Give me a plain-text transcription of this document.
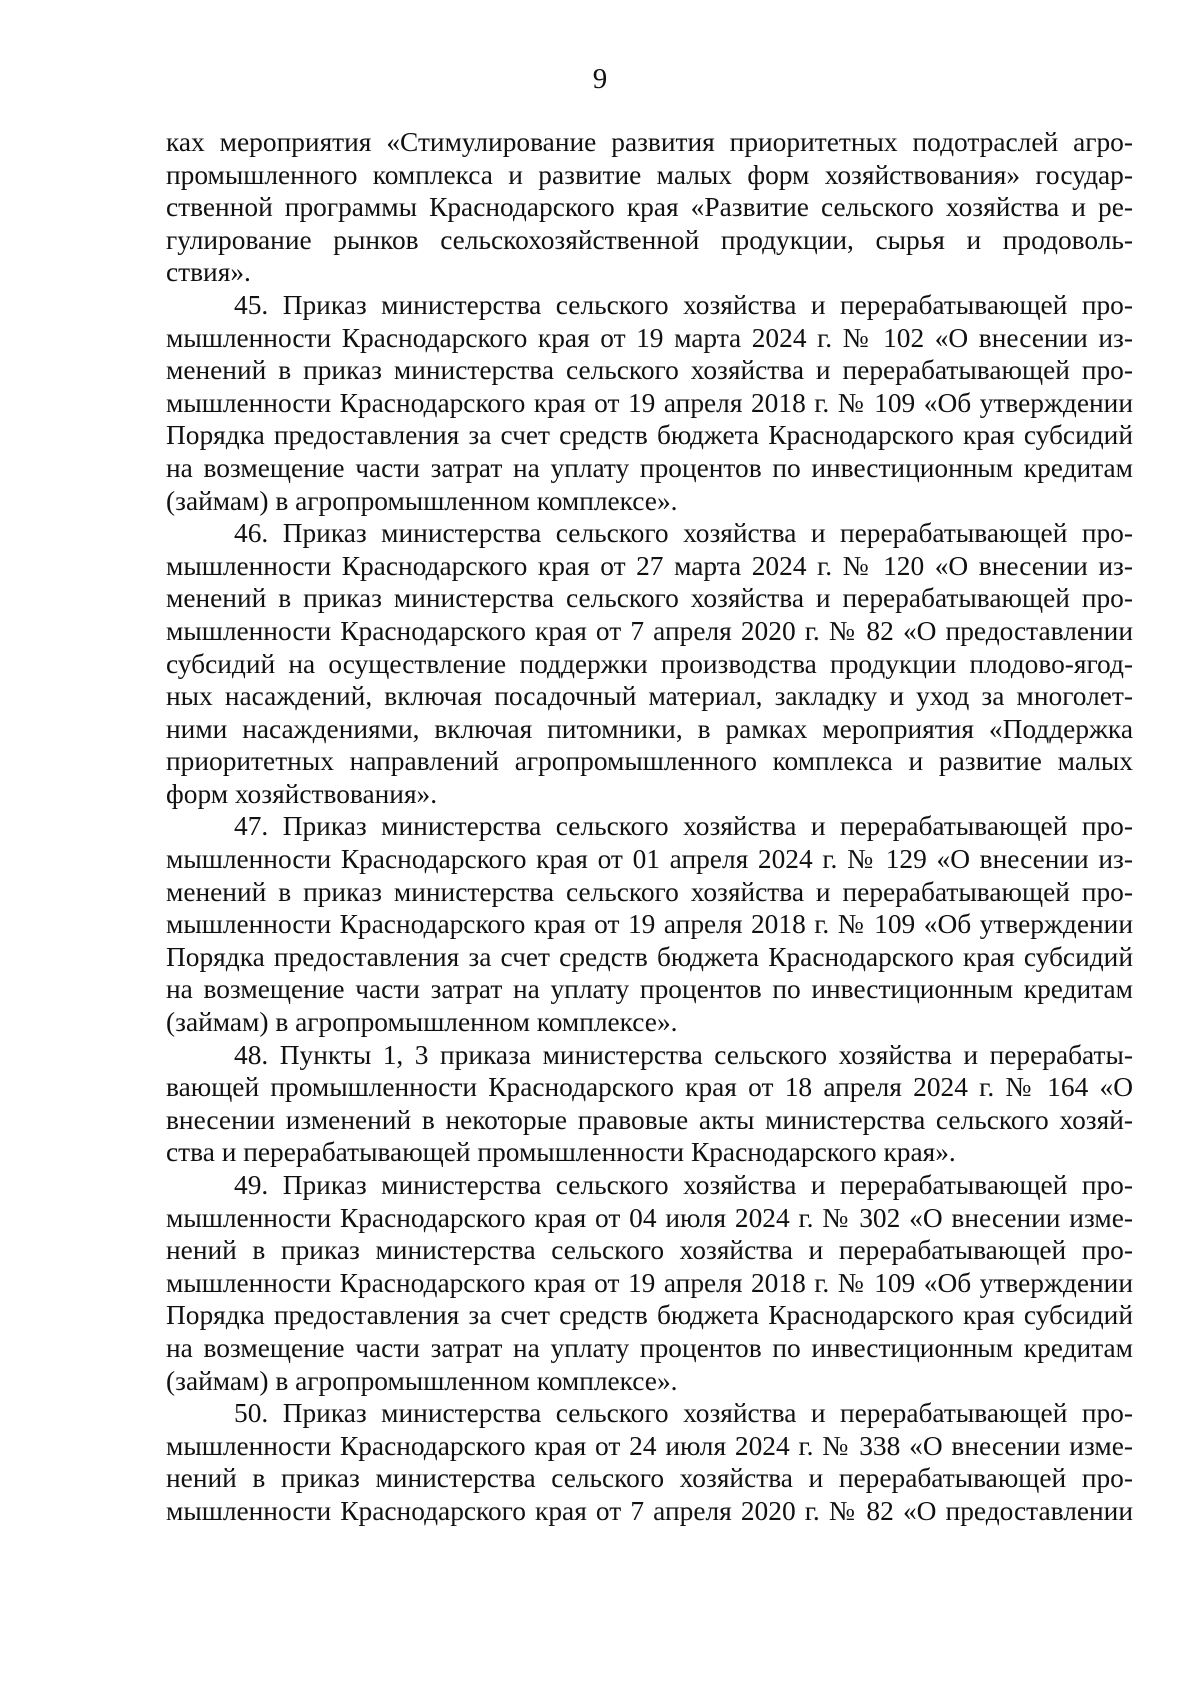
9
ках мероприятия «Стимулирование развития приоритетных подотраслей агро-
промышленного комплекса и развитие малых форм хозяйствования» государ-
ственной программы Краснодарского края «Развитие сельского хозяйства и ре-
гулирование рынков сельскохозяйственной продукции, сырья и продоволь-
ствия».
45. Приказ министерства сельского хозяйства и перерабатывающей про-
мышленности Краснодарского края от 19 марта 2024 г. № 102 «О внесении из-
менений в приказ министерства сельского хозяйства и перерабатывающей про-
мышленности Краснодарского края от 19 апреля 2018 г. № 109 «Об утверждении
Порядка предоставления за счет средств бюджета Краснодарского края субсидий
на возмещение части затрат на уплату процентов по инвестиционным кредитам
(займам) в агропромышленном комплексе».
46. Приказ министерства сельского хозяйства и перерабатывающей про-
мышленности Краснодарского края от 27 марта 2024 г. № 120 «О внесении из-
менений в приказ министерства сельского хозяйства и перерабатывающей про-
мышленности Краснодарского края от 7 апреля 2020 г. № 82 «О предоставлении
субсидий на осуществление поддержки производства продукции плодово-ягод-
ных насаждений, включая посадочный материал, закладку и уход за многолет-
ними насаждениями, включая питомники, в рамках мероприятия «Поддержка
приоритетных направлений агропромышленного комплекса и развитие малых
форм хозяйствования».
47. Приказ министерства сельского хозяйства и перерабатывающей про-
мышленности Краснодарского края от 01 апреля 2024 г. № 129 «О внесении из-
менений в приказ министерства сельского хозяйства и перерабатывающей про-
мышленности Краснодарского края от 19 апреля 2018 г. № 109 «Об утверждении
Порядка предоставления за счет средств бюджета Краснодарского края субсидий
на возмещение части затрат на уплату процентов по инвестиционным кредитам
(займам) в агропромышленном комплексе».
48. Пункты 1, 3 приказа министерства сельского хозяйства и перерабаты-
вающей промышленности Краснодарского края от 18 апреля 2024 г. № 164 «О
внесении изменений в некоторые правовые акты министерства сельского хозяй-
ства и перерабатывающей промышленности Краснодарского края».
49. Приказ министерства сельского хозяйства и перерабатывающей про-
мышленности Краснодарского края от 04 июля 2024 г. № 302 «О внесении изме-
нений в приказ министерства сельского хозяйства и перерабатывающей про-
мышленности Краснодарского края от 19 апреля 2018 г. № 109 «Об утверждении
Порядка предоставления за счет средств бюджета Краснодарского края субсидий
на возмещение части затрат на уплату процентов по инвестиционным кредитам
(займам) в агропромышленном комплексе».
50. Приказ министерства сельского хозяйства и перерабатывающей про-
мышленности Краснодарского края от 24 июля 2024 г. № 338 «О внесении изме-
нений в приказ министерства сельского хозяйства и перерабатывающей про-
мышленности Краснодарского края от 7 апреля 2020 г. № 82 «О предоставлении
